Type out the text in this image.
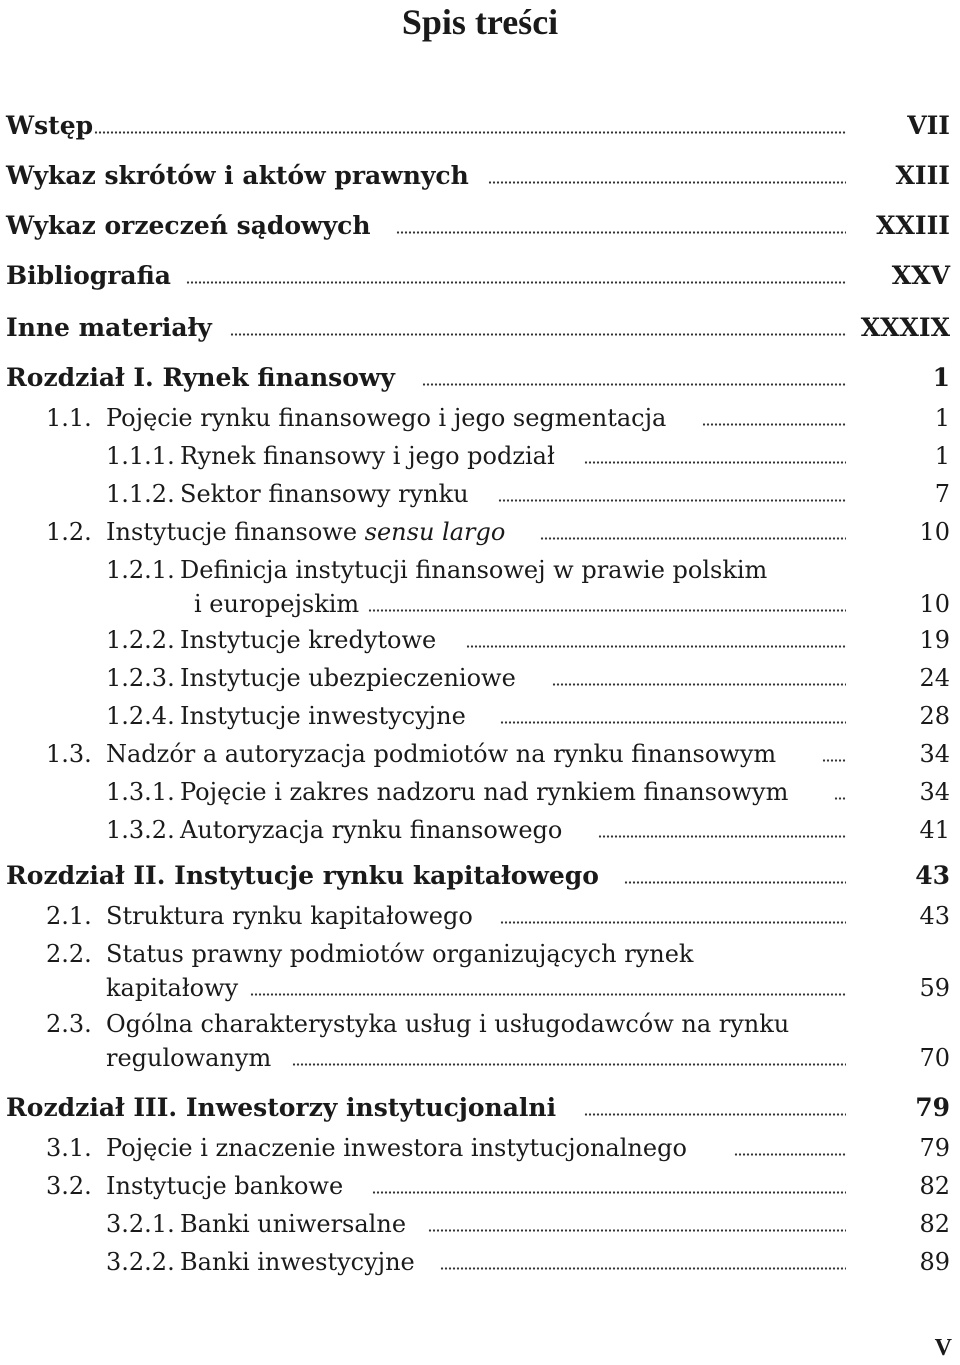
Spis treści
Wstęp	VII
Wykaz skrótów i aktów prawnych	XIII
Wykaz orzeczeń sądowych	XXIII
Bibliografia	XXV
Inne materiały	XXXIX
Rozdział I. Rynek finansowy	1
1.1. Pojęcie rynku finansowego i jego segmentacja	1
1.1.1. Rynek finansowy i jego podział	1
1.1.2. Sektor finansowy rynku	7
1.2. Instytucje finansowe
sensu largo	10
1.2.1. Definicja instytucji finansowej w prawie polskim
i europejskim	10
1.2.2. Instytucje kredytowe	19
1.2.3. Instytucje ubezpieczeniowe	24
1.2.4. Instytucje inwestycyjne	28
1.3. Nadzór a autoryzacja podmiotów na rynku finansowym	34
1.3.1. Pojęcie i zakres nadzoru nad rynkiem finansowym	34
1.3.2. Autoryzacja rynku finansowego	41
Rozdział II. Instytucje rynku kapitałowego	43
2.1. Struktura rynku kapitałowego	43
2.2. Status prawny podmiotów organizujących rynek
kapitałowy	59
2.3. Ogólna charakterystyka usług i usługodawców na rynku
regulowanym	70
Rozdział III. Inwestorzy instytucjonalni	79
3.1. Pojęcie i znaczenie inwestora instytucjonalnego	79
3.2. Instytucje bankowe	82
3.2.1. Banki uniwersalne	82
3.2.2. Banki inwestycyjne	89
V
